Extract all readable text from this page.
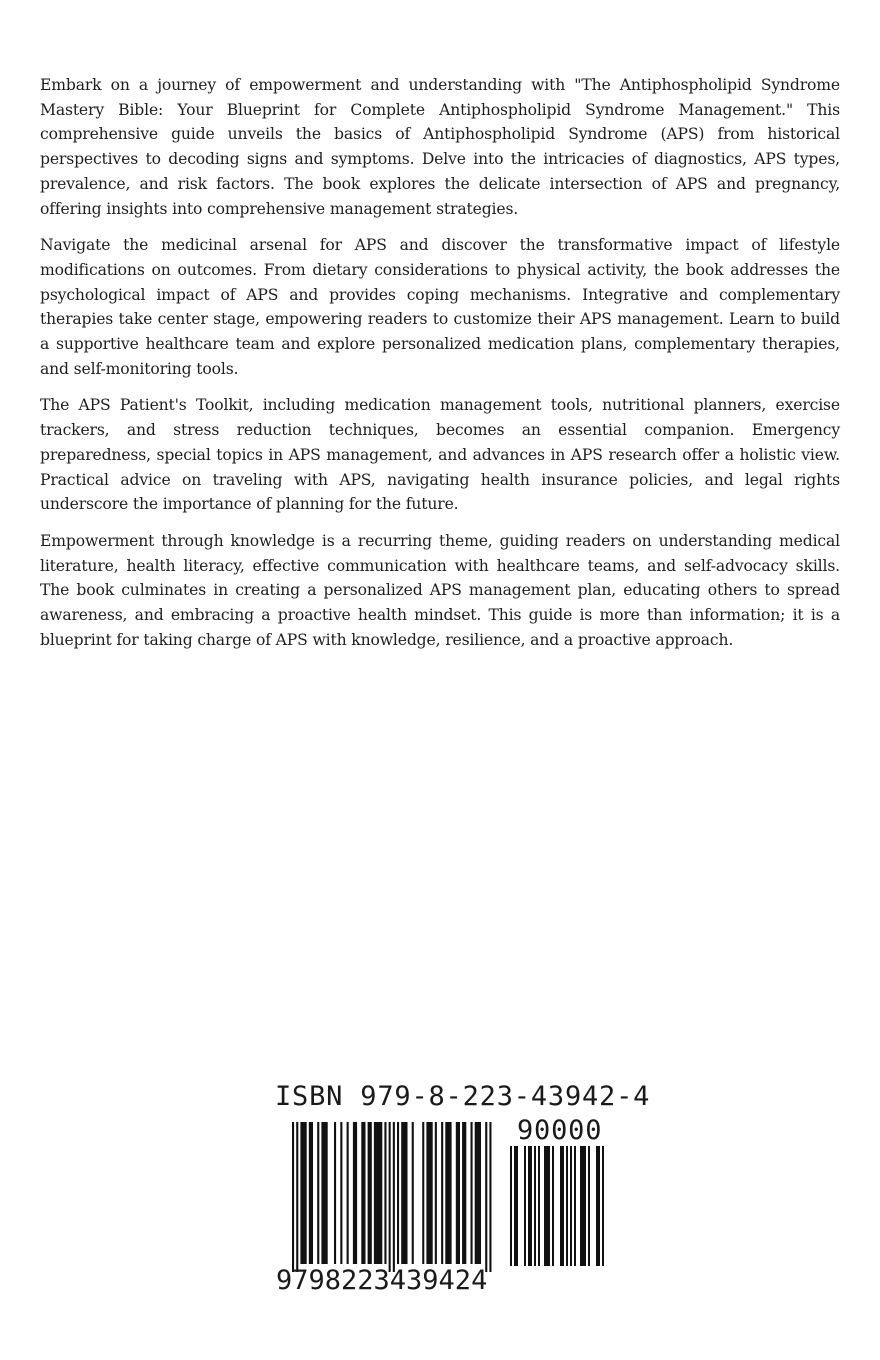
Embark on a journey of empowerment and understanding with "The Antiphospholipid Syndrome Mastery Bible: Your Blueprint for Complete Antiphospholipid Syndrome Management." This comprehensive guide unveils the basics of Antiphospholipid Syndrome (APS) from historical perspectives to decoding signs and symptoms. Delve into the intricacies of diagnostics, APS types, prevalence, and risk factors. The book explores the delicate intersection of APS and pregnancy, offering insights into comprehensive management strategies.

Navigate the medicinal arsenal for APS and discover the transformative impact of lifestyle modifications on outcomes. From dietary considerations to physical activity, the book addresses the psychological impact of APS and provides coping mechanisms. Integrative and complementary therapies take center stage, empowering readers to customize their APS management. Learn to build a supportive healthcare team and explore personalized medication plans, complementary therapies, and self-monitoring tools.

The APS Patient's Toolkit, including medication management tools, nutritional planners, exercise trackers, and stress reduction techniques, becomes an essential companion. Emergency preparedness, special topics in APS management, and advances in APS research offer a holistic view. Practical advice on traveling with APS, navigating health insurance policies, and legal rights underscore the importance of planning for the future.

Empowerment through knowledge is a recurring theme, guiding readers on understanding medical literature, health literacy, effective communication with healthcare teams, and self-advocacy skills. The book culminates in creating a personalized APS management plan, educating others to spread awareness, and embracing a proactive health mindset. This guide is more than information; it is a blueprint for taking charge of APS with knowledge, resilience, and a proactive approach.

ISBN 979-8-223-43942-4
90000
9798223439424
